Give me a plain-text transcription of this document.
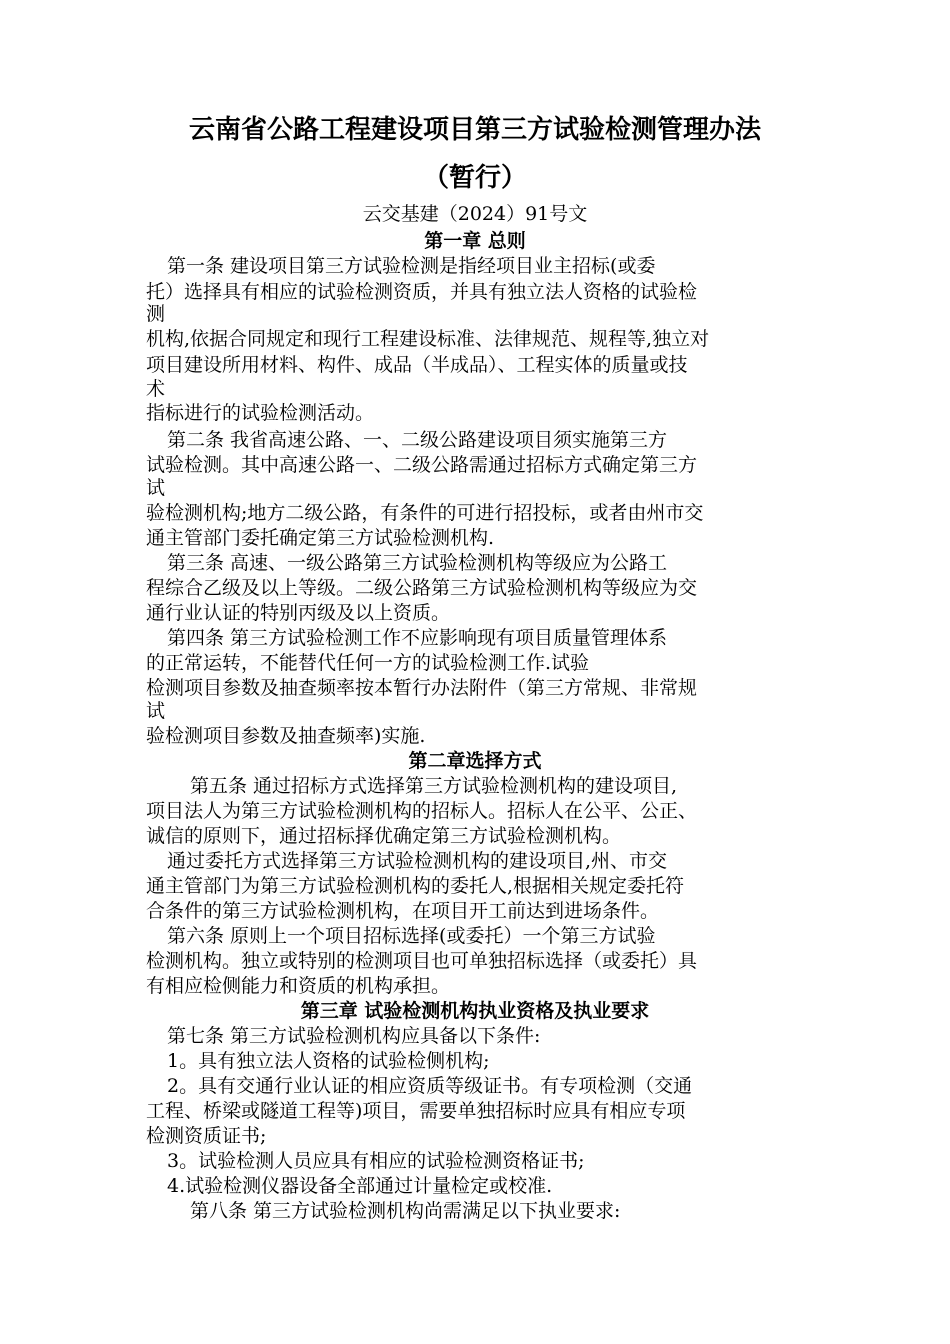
云南省公路工程建设项目第三方试验检测管理办法
（暂行）
云交基建（2024）91号文
第一章 总则
第一条 建设项目第三方试验检测是指经项目业主招标(或委
托）选择具有相应的试验检测资质，并具有独立法人资格的试验检
测
机构,依据合同规定和现行工程建设标准、法律规范、规程等,独立对
项目建设所用材料、构件、成品（半成品）、工程实体的质量或技
术
指标进行的试验检测活动。
第二条 我省高速公路、一、二级公路建设项目须实施第三方
试验检测。其中高速公路一、二级公路需通过招标方式确定第三方
试
验检测机构;地方二级公路，有条件的可进行招投标，或者由州市交
通主管部门委托确定第三方试验检测机构.
第三条 高速、一级公路第三方试验检测机构等级应为公路工
程综合乙级及以上等级。二级公路第三方试验检测机构等级应为交
通行业认证的特别丙级及以上资质。
第四条 第三方试验检测工作不应影响现有项目质量管理体系
的正常运转，不能替代任何一方的试验检测工作.试验
检测项目参数及抽查频率按本暂行办法附件（第三方常规、非常规
试
验检测项目参数及抽查频率)实施.
第二章选择方式
第五条 通过招标方式选择第三方试验检测机构的建设项目,
项目法人为第三方试验检测机构的招标人。招标人在公平、公正、
诚信的原则下，通过招标择优确定第三方试验检测机构。
通过委托方式选择第三方试验检测机构的建设项目,州、市交
通主管部门为第三方试验检测机构的委托人,根据相关规定委托符
合条件的第三方试验检测机构，在项目开工前达到进场条件。
第六条 原则上一个项目招标选择(或委托）一个第三方试验
检测机构。独立或特别的检测项目也可单独招标选择（或委托）具
有相应检侧能力和资质的机构承担。
第三章 试验检测机构执业资格及执业要求
第七条 第三方试验检测机构应具备以下条件:
1。具有独立法人资格的试验检侧机构;
2。具有交通行业认证的相应资质等级证书。有专项检测（交通
工程、桥梁或隧道工程等)项目，需要单独招标时应具有相应专项
检测资质证书;
3。试验检测人员应具有相应的试验检测资格证书;
4.试验检测仪器设备全部通过计量检定或校准.
第八条 第三方试验检测机构尚需满足以下执业要求:
